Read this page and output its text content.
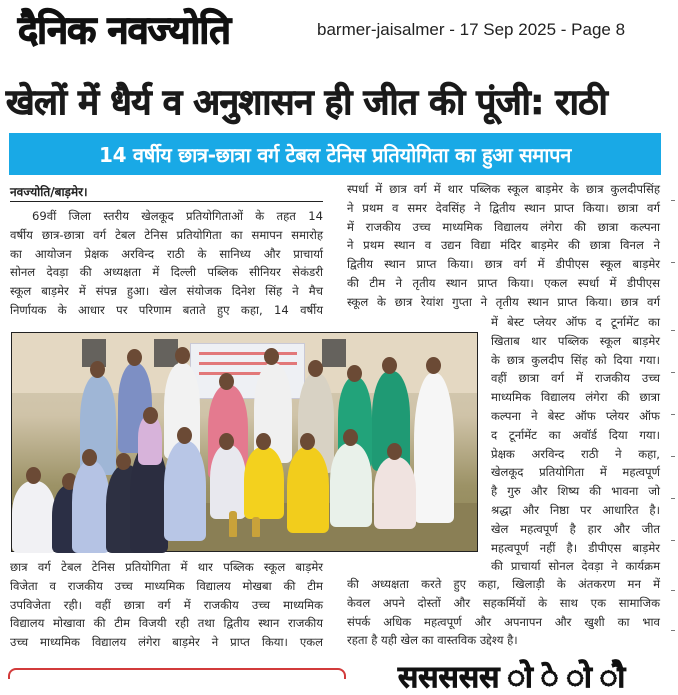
दैनिक नवज्योति	barmer-jaisalmer - 17 Sep 2025 - Page 8
खेलों में धैर्य व अनुशासन ही जीत की पूंजी: राठी
14 वर्षीय छात्र-छात्रा वर्ग टेबल टेनिस प्रतियोगिता का हुआ समापन
नवज्योति/बाड़मेर।
69वीं जिला स्तरीय खेलकूद प्रतियोगिताओं के तहत 14
वर्षीय छात्र-छात्रा वर्ग टेबल टेनिस प्रतियोगिता का समापन समारोह
का आयोजन प्रेक्षक अरविन्द राठी के सानिध्य और प्राचार्या
सोनल देवड़ा की अध्यक्षता में दिल्ली पब्लिक सीनियर सेकंडरी
स्कूल बाड़मेर में संपन्न हुआ। खेल संयोजक दिनेश सिंह ने मैच
निर्णायक के आधार पर परिणाम बताते हुए कहा, 14 वर्षीय
स्पर्धा में छात्र वर्ग में थार पब्लिक स्कूल बाड़मेर के छात्र कुलदीपसिंह
ने प्रथम व समर देवसिंह ने द्वितीय स्थान प्राप्त किया। छात्रा वर्ग
में राजकीय उच्च माध्यमिक विद्यालय लंगेरा की छात्रा कल्पना
ने प्रथम स्थान व उद्यन विद्या मंदिर बाड़मेर की छात्रा विनल ने
द्वितीय स्थान प्राप्त किया। छात्र वर्ग में डीपीएस स्कूल बाड़मेर
की टीम ने तृतीय स्थान प्राप्त किया। एकल स्पर्धा में डीपीएस
स्कूल के छात्र रेयांश गुप्ता ने तृतीय स्थान प्राप्त किया। छात्र वर्ग
में बेस्ट प्लेयर ऑफ द टूर्नामेंट का
खिताब थार पब्लिक स्कूल बाड़मेर
के छात्र कुलदीप सिंह को दिया गया।
वहीं छात्रा वर्ग में राजकीय उच्च
माध्यमिक विद्यालय लंगेरा की छात्रा
कल्पना ने बेस्ट ऑफ प्लेयर ऑफ
द टूर्नामेंट का अवॉर्ड दिया गया।
प्रेक्षक अरविन्द राठी ने कहा,
खेलकूद प्रतियोगिता में महत्वपूर्ण
है गुरु और शिष्य की भावना जो
श्रद्धा और निष्ठा पर आधारित है।
खेल महत्वपूर्ण है हार और जीत
महत्वपूर्ण नहीं है। डीपीएस बाड़मेर
की प्राचार्या सोनल देवड़ा ने कार्यक्रम
छात्र वर्ग टेबल टेनिस प्रतियोगिता में थार पब्लिक स्कूल बाड़मेर
विजेता व राजकीय उच्च माध्यमिक विद्यालय मोखबा की टीम
उपविजेता रही। वहीं छात्रा वर्ग में राजकीय उच्च माध्यमिक
विद्यालय मोखावा की टीम विजयी रही तथा द्वितीय स्थान राजकीय
उच्च माध्यमिक विद्यालय लंगेरा बाड़मेर ने प्राप्त किया। एकल
की अध्यक्षता करते हुए कहा, खिलाड़ी के अंतकरण मन में
केवल अपने दोस्तों और सहकर्मियों के साथ एक सामाजिक
संपर्क अधिक महत्वपूर्ण और अपनापन और खुशी का भाव
रहता है यही खेल का वास्तविक उद्देश्य है।
ससससस ोे े ोे ौे
